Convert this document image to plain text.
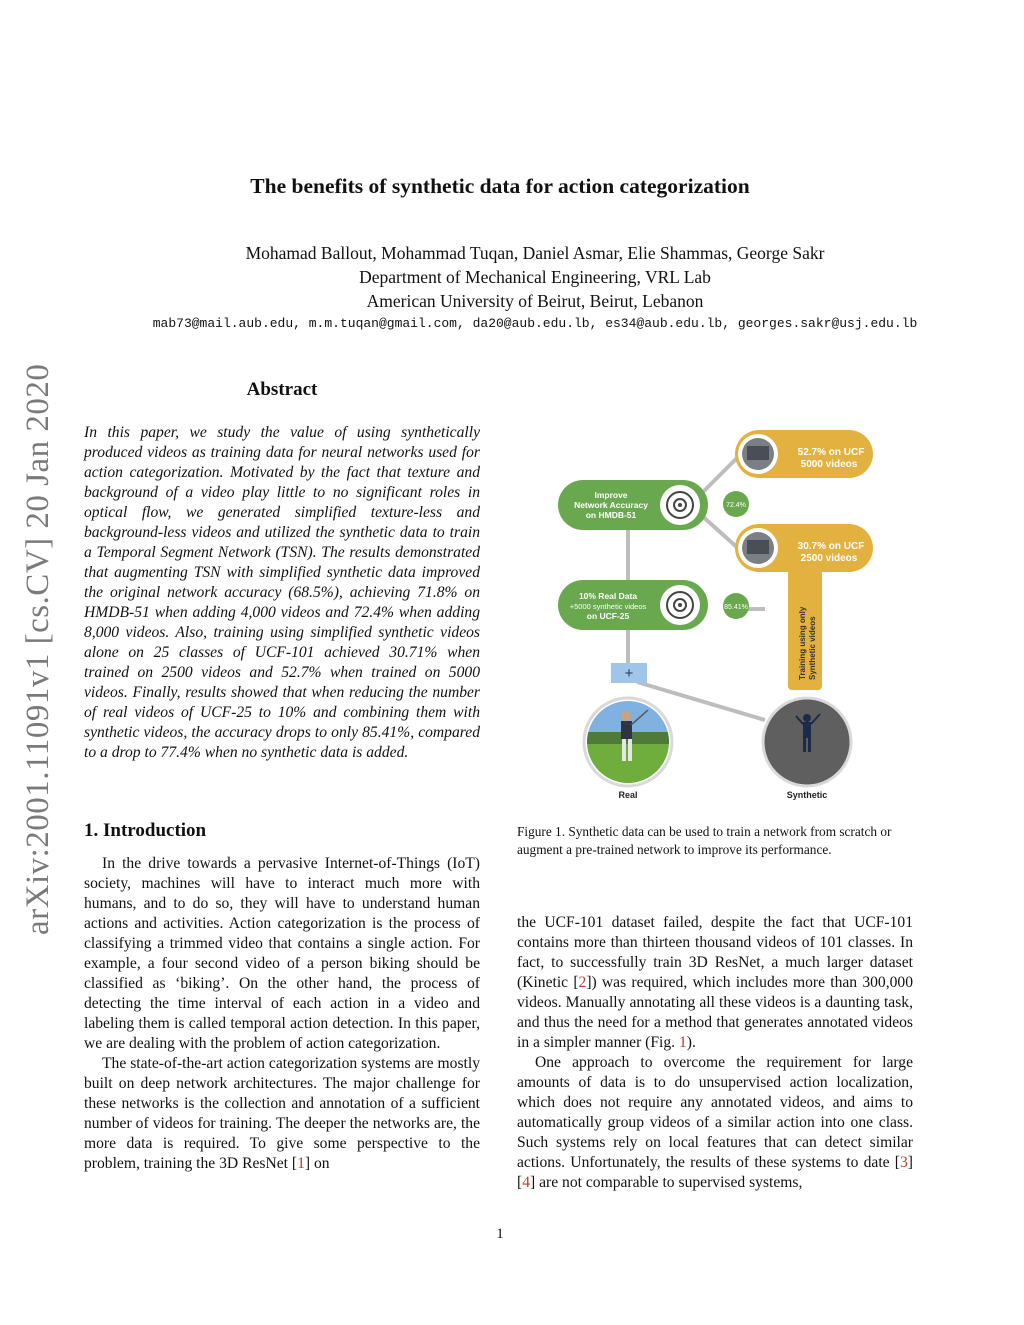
arXiv:2001.11091v1 [cs.CV] 20 Jan 2020
The benefits of synthetic data for action categorization
Mohamad Ballout, Mohammad Tuqan, Daniel Asmar, Elie Shammas, George Sakr
Department of Mechanical Engineering, VRL Lab
American University of Beirut, Beirut, Lebanon
mab73@mail.aub.edu, m.m.tuqan@gmail.com, da20@aub.edu.lb, es34@aub.edu.lb, georges.sakr@usj.edu.lb
Abstract
In this paper, we study the value of using synthetically produced videos as training data for neural networks used for action categorization. Motivated by the fact that texture and background of a video play little to no significant roles in optical flow, we generated simplified texture-less and background-less videos and utilized the synthetic data to train a Temporal Segment Network (TSN). The results demonstrated that augmenting TSN with simplified synthetic data improved the original network accuracy (68.5%), achieving 71.8% on HMDB-51 when adding 4,000 videos and 72.4% when adding 8,000 videos. Also, training using simplified synthetic videos alone on 25 classes of UCF-101 achieved 30.71% when trained on 2500 videos and 52.7% when trained on 5000 videos. Finally, results showed that when reducing the number of real videos of UCF-25 to 10% and combining them with synthetic videos, the accuracy drops to only 85.41%, compared to a drop to 77.4% when no synthetic data is added.
1. Introduction

In the drive towards a pervasive Internet-of-Things (IoT) society, machines will have to interact much more with humans, and to do so, they will have to understand human actions and activities. Action categorization is the process of classifying a trimmed video that contains a single action. For example, a four second video of a person biking should be classified as ‘biking’. On the other hand, the process of detecting the time interval of each action in a video and labeling them is called temporal action detection. In this paper, we are dealing with the problem of action categorization.

The state-of-the-art action categorization systems are mostly built on deep network architectures. The major challenge for these networks is the collection and annotation of a sufficient number of videos for training. The deeper the networks are, the more data is required. To give some perspective to the problem, training the 3D ResNet [1] on

Training using only Synthetic videos
52.7% on UCF
5000 videos
30.7% on UCF
2500 videos
Improve
Network Accuracy
on HMDB-51
72.4%
10% Real Data
+5000 synthetic videos
on UCF-25
85.41%
+
Real	Synthetic
Figure 1. Synthetic data can be used to train a network from scratch or augment a pre-trained network to improve its performance.

the UCF-101 dataset failed, despite the fact that UCF-101 contains more than thirteen thousand videos of 101 classes. In fact, to successfully train 3D ResNet, a much larger dataset (Kinetic [2]) was required, which includes more than 300,000 videos. Manually annotating all these videos is a daunting task, and thus the need for a method that generates annotated videos in a simpler manner (Fig. 1).

One approach to overcome the requirement for large amounts of data is to do unsupervised action localization, which does not require any annotated videos, and aims to automatically group videos of a similar action into one class. Such systems rely on local features that can detect similar actions. Unfortunately, the results of these systems to date [3][4] are not comparable to supervised systems,

1
